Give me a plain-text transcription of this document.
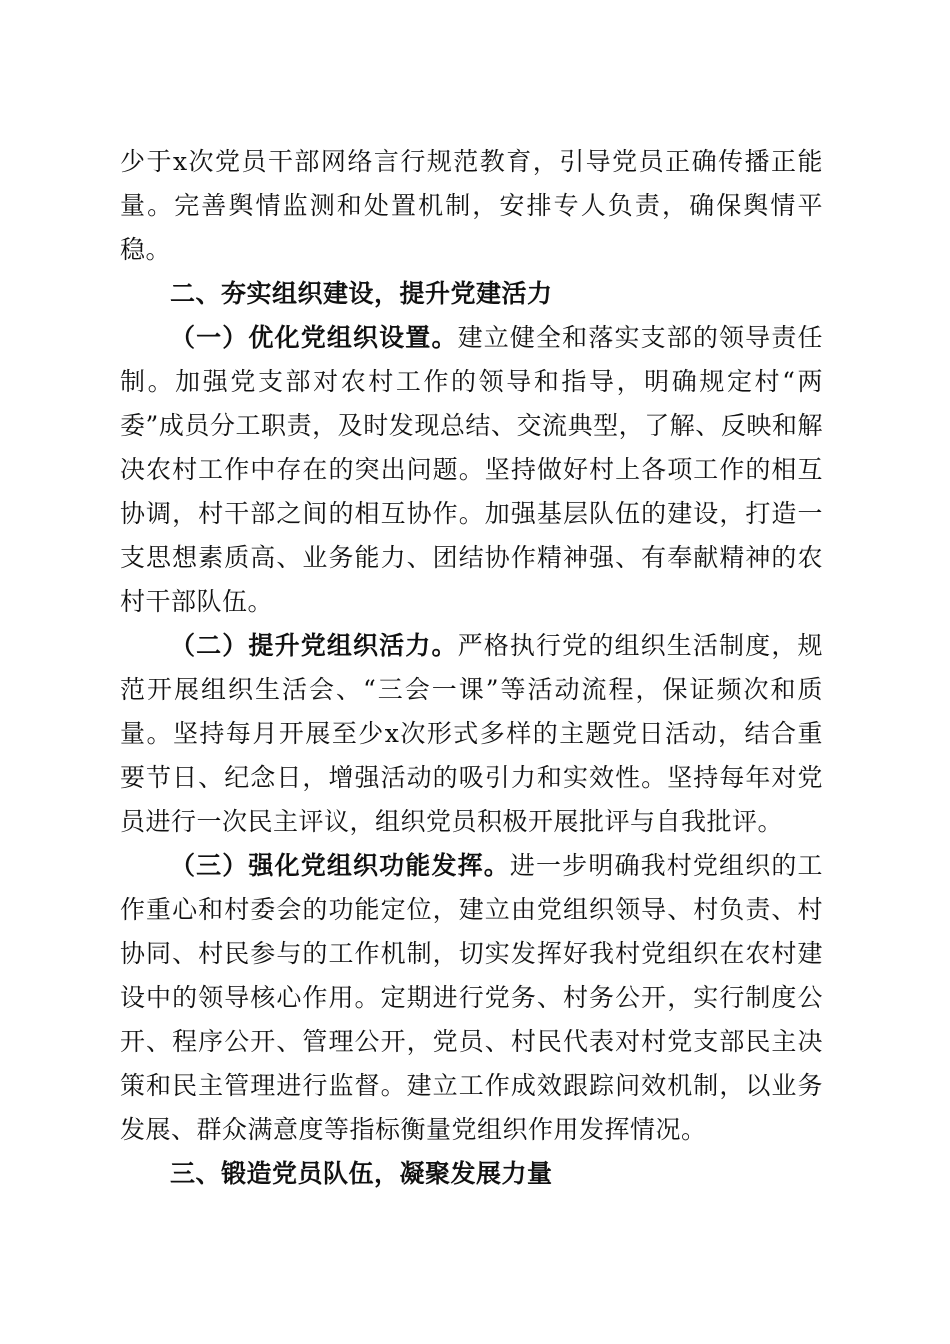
少于x次党员干部网络言行规范教育，引导党员正确传播正能量。完善舆情监测和处置机制，安排专人负责，确保舆情平稳。

二、夯实组织建设，提升党建活力

（一）优化党组织设置。建立健全和落实支部的领导责任制。加强党支部对农村工作的领导和指导，明确规定村“两委”成员分工职责，及时发现总结、交流典型，了解、反映和解决农村工作中存在的突出问题。坚持做好村上各项工作的相互协调，村干部之间的相互协作。加强基层队伍的建设，打造一支思想素质高、业务能力、团结协作精神强、有奉献精神的农村干部队伍。

（二）提升党组织活力。严格执行党的组织生活制度，规范开展组织生活会、“三会一课”等活动流程，保证频次和质量。坚持每月开展至少x次形式多样的主题党日活动，结合重要节日、纪念日，增强活动的吸引力和实效性。坚持每年对党员进行一次民主评议，组织党员积极开展批评与自我批评。

（三）强化党组织功能发挥。进一步明确我村党组织的工作重心和村委会的功能定位，建立由党组织领导、村负责、村协同、村民参与的工作机制，切实发挥好我村党组织在农村建设中的领导核心作用。定期进行党务、村务公开，实行制度公开、程序公开、管理公开，党员、村民代表对村党支部民主决策和民主管理进行监督。建立工作成效跟踪问效机制，以业务发展、群众满意度等指标衡量党组织作用发挥情况。

三、锻造党员队伍，凝聚发展力量
